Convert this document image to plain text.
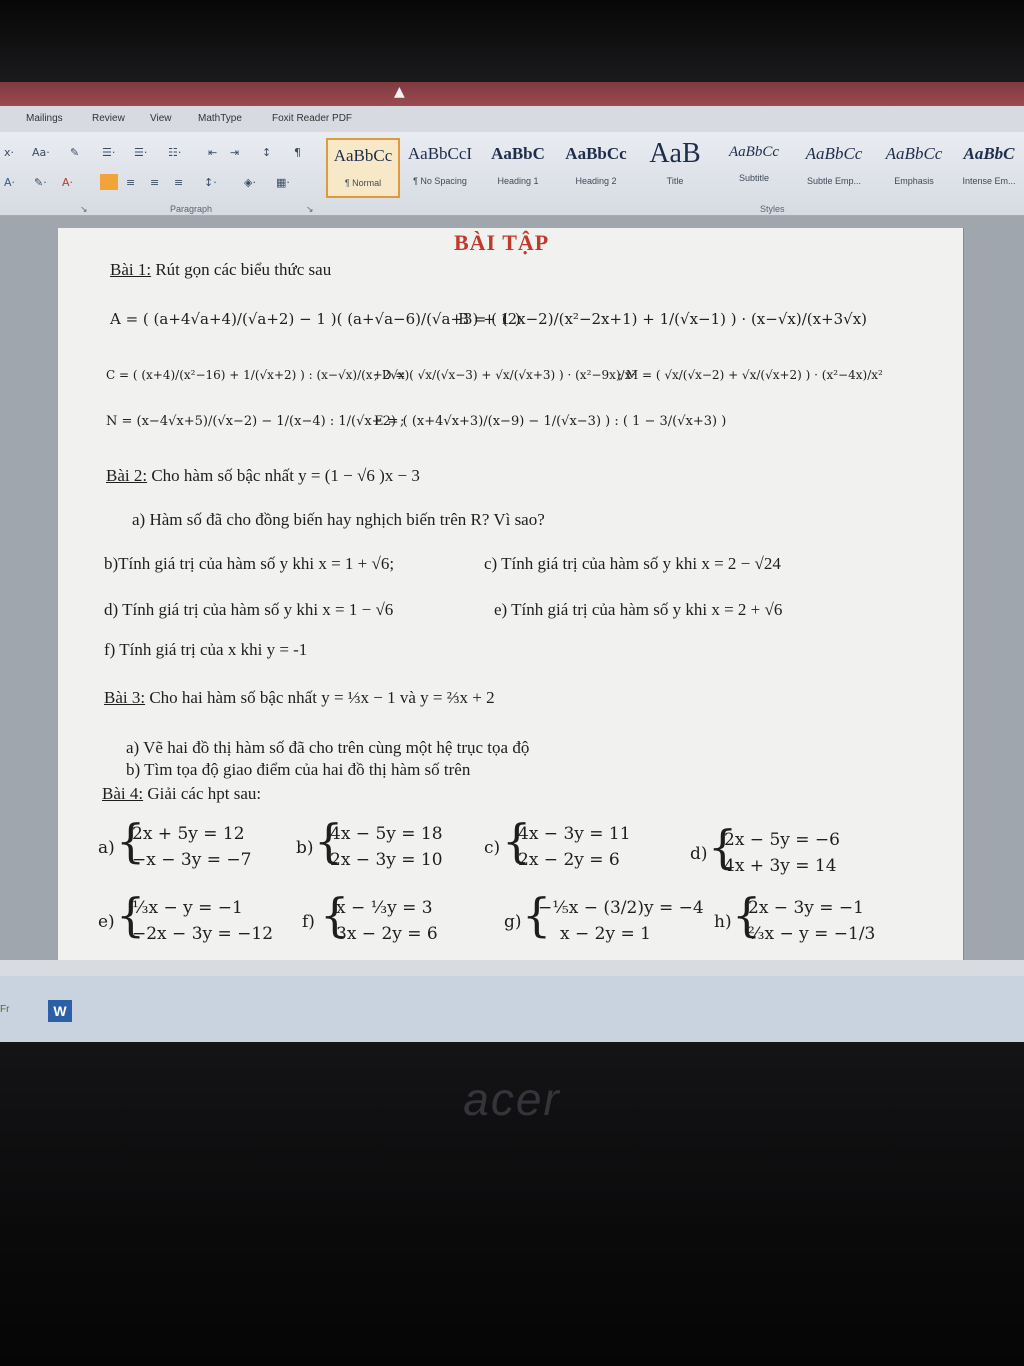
▲
Mailings	Review	View	MathType	Foxit Reader PDF
x· Aa· ✎ ☰· ☰· ☷· ⇤ ⇥ ↕ ¶
A· ✎· A·	≡ ≡ ≡ ↕· ◈· ▦·
Paragraph
↘	↘
AaBbCc
¶ Normal
AaBbCcI
¶ No Spacing
AaBbC
Heading 1
AaBbCc
Heading 2
AaB
Title
AaBbCc
Subtitle
AaBbCc
Subtle Emp...
AaBbCc
Emphasis
AaBbC
Intense Em...
Styles
BÀI TẬP
Bài 1: Rút gọn các biểu thức sau
A = ( (a+4√a+4)/(√a+2) − 1 )( (a+√a−6)/(√a+3) + 1 )
B = ( (2x−2)/(x²−2x+1) + 1/(√x−1) ) · (x−√x)/(x+3√x)
C = ( (x+4)/(x²−16) + 1/(√x+2) ) : (x−√x)/(x+2√x)
; D = ( √x/(√x−3) + √x/(√x+3) ) · (x²−9x)/x²
; M = ( √x/(√x−2) + √x/(√x+2) ) · (x²−4x)/x²
N = (x−4√x+5)/(√x−2) − 1/(x−4) : 1/(√x+2) ;
E = ( (x+4√x+3)/(x−9) − 1/(√x−3) ) : ( 1 − 3/(√x+3) )
Bài 2: Cho hàm số bậc nhất y = (1 − √6 )x − 3
a) Hàm số đã cho đồng biến hay nghịch biến trên R? Vì sao?
b)Tính giá trị của hàm số y khi x = 1 + √6;	c) Tính giá trị của hàm số y khi x = 2 − √24
d) Tính giá trị của hàm số y khi x = 1 − √6	e) Tính giá trị của hàm số y khi x = 2 + √6
f) Tính giá trị của x khi y = -1
Bài 3: Cho hai hàm số bậc nhất y = ⅓x − 1 và y = ⅔x + 2
a) Vẽ hai đồ thị hàm số đã cho trên cùng một hệ trục tọa độ
b) Tìm tọa độ giao điểm của hai đồ thị hàm số trên
Bài 4: Giải các hpt sau:
a) {
2x + 5y = 12
−x − 3y = −7
b) {
4x − 5y = 18
2x − 3y = 10
c) {
4x − 3y = 11
2x − 2y = 6	d) {
2x − 5y = −6
4x + 3y = 14
e) {
⅓x − y = −1
−2x − 3y = −12
f) {
x − ⅓y = 3
3x − 2y = 6
g) {
−⅕x − (3/2)y = −4
x − 2y = 1
h) {
2x − 3y = −1
⅔x − y = −1/3
Fr	W
acer
